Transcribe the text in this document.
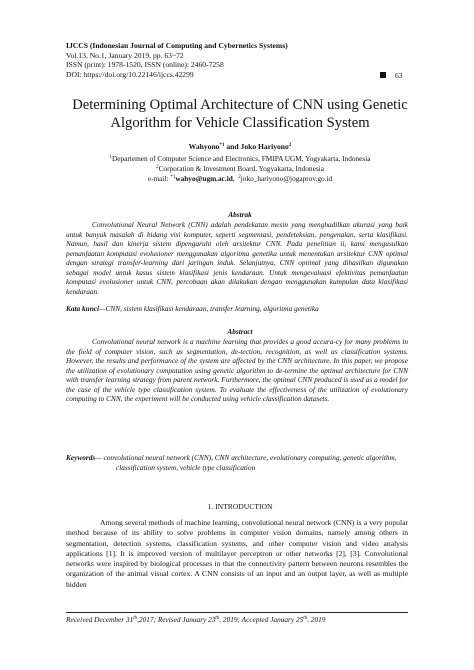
IJCCS (Indonesian Journal of Computing and Cybernetics Systems)
Vol.13, No.1, January 2019, pp. 63~72
ISSN (print): 1978-1520, ISSN (online): 2460-7258
DOI: https://doi.org/10.22146/ijccs.42299	63
Determining Optimal Architecture of CNN using Genetic
Algorithm for Vehicle Classification System
Wahyono$^{*1}$ and Joko Hariyono$^2$
$^1$Departemen of Computer Science and Electronics, FMIPA UGM, Yogyakarta, Indonesia
$^2$Corporation & Investment Board, Yogyakarta, Indonesia
e-mail: $^{*1}$wahyo@ugm.ac.id,  $^2$joko_hariyono@jogaprov.go.id
Abstrak
Convolutional Neural Network (CNN) adalah pendekatan mesin yang menghadilkan akurasi yang baik untuk banyak masalah di bidang visi komputer, seperti segmentasi, pendeteksian, pengenalan, serta klasifikasi. Namun, hasil dan kinerja sistem dipengaruhi oleh arsitektur CNN. Pada penelitian ii, kami mengusulkan pemanfaatan komputasi evolusioner menggunakan algoritma genetika untuk menentukan arsitektur CNN optimal dengan strategi transfer-learning dari jaringan induk. Selanjutnya, CNN optimal yang dihasilkan digunakan sebagai model untuk kasus sistem klasifikasi jenis kendaraan. Untuk mengevaluasi efektivitas pemanfaatan komputasi evolusioner untuk CNN, percobaan akan dilakukan dengan menggunakan kumpulan data klasifikasi kendaraan.
Kata kunci—CNN, sistem klasifikasi kendaraan, transfer learning, algoritma genetika
Abstract
Convolutional neural network is a machine learning that provides a good accura-cy for many problems in the field of computer vision, such as segmentation, de-tection, recognition, as well as classification systems. However, the results and performance of the system are affected by the CNN architecture. In this paper, we propose the utilization of evolutionary computation using genetic algorithm to de-termine the optimal architecture for CNN with transfer learning strategy from parent network. Furthermore, the optimal CNN produced is used as a model for the case of the vehicle type classification system. To evaluate the effectiveness of the utilization of evolutionary computing to CNN, the experiment will be conducted using vehicle classification datasets.
Keywords— convolutional neural network (CNN), CNN architecture, evolutionary computing, genetic algorithm, classification system, vehicle type classification
1. INTRODUCTION
Among several methods of machine learning, convolutional neural network (CNN) is a very popular method because of its ability to solve problems in computer vision domains, namely among others in segmentation, detection systems, classification systems, and other computer vision and video analysis applications [1]. It is improved version of multilayer perceptron or other networks [2], [3]. Convolutional networks were inspired by biological processes in that the connectivity pattern between neurons resembles the organization of the animal visual cortex. A CNN consists of an input and an output layer, as well as multiple hidden
Received December 31th,2017; Revised January 23th, 2019; Accepted January 25th, 2019
